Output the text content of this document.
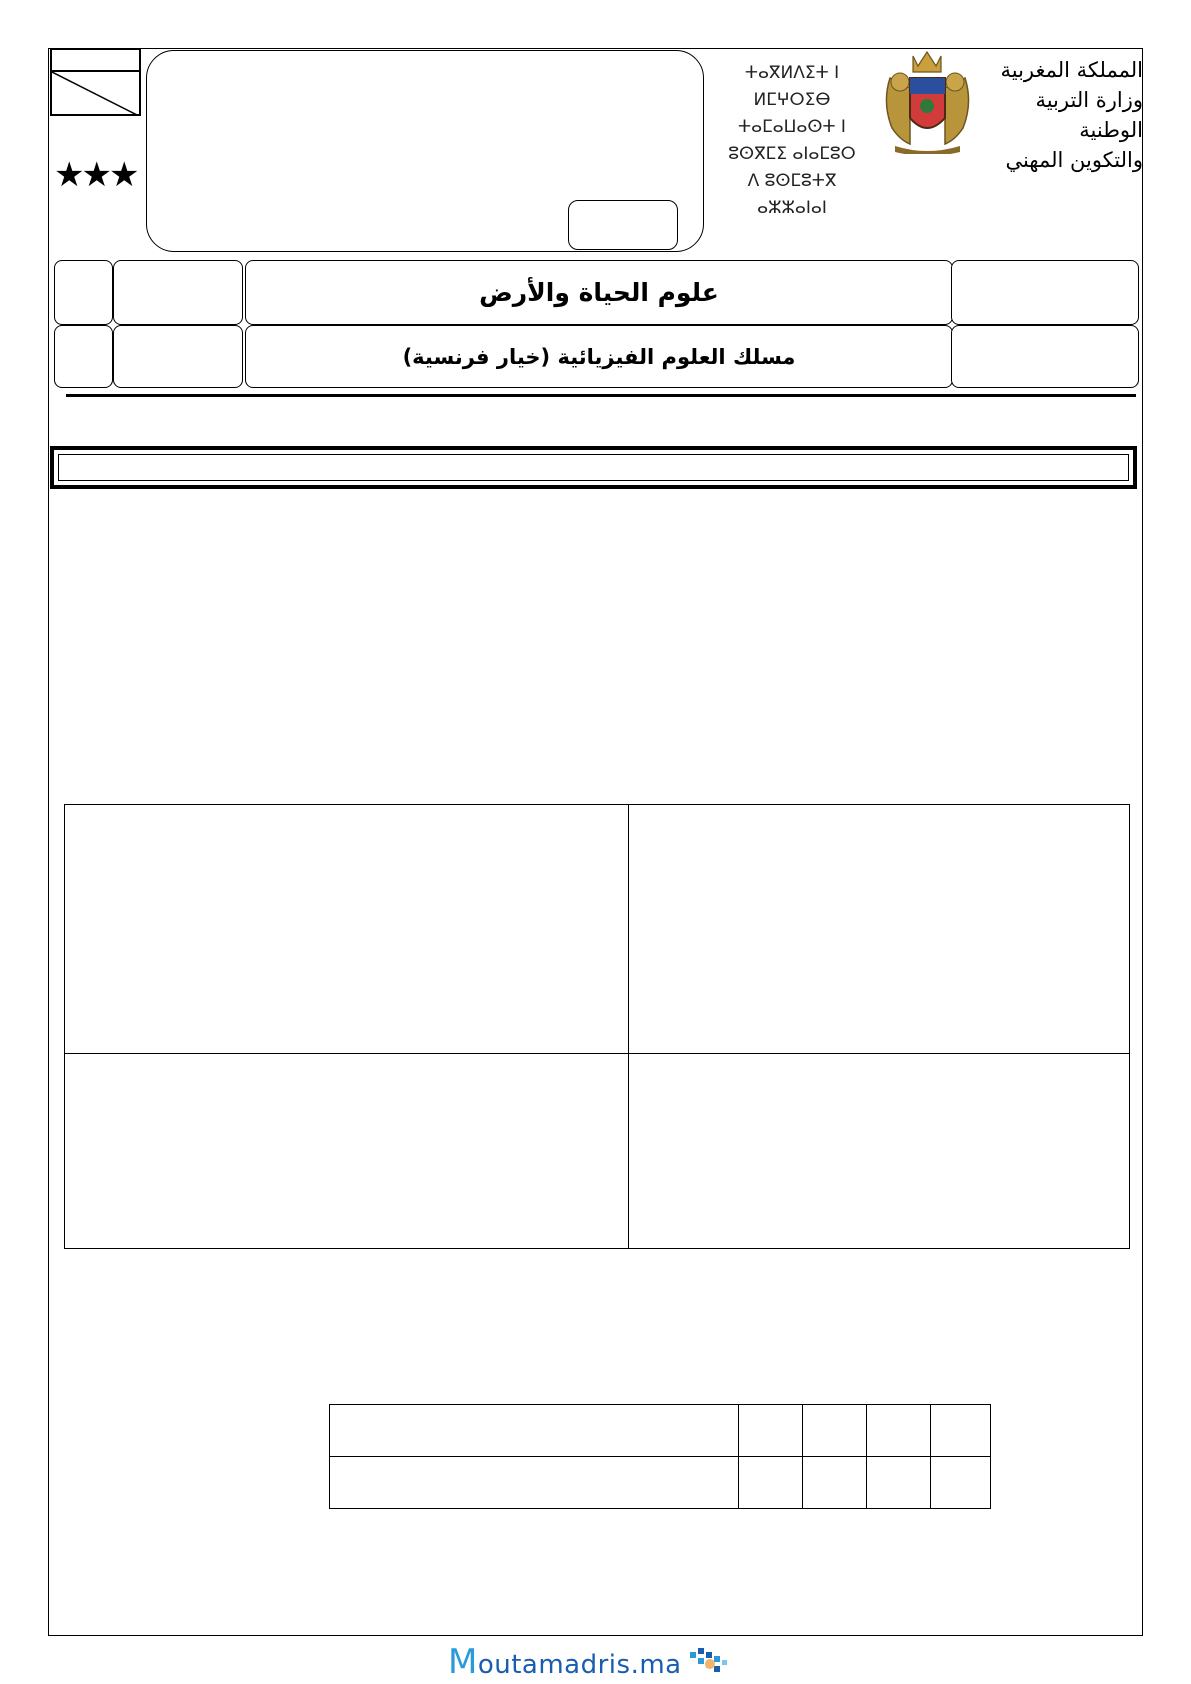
★★★
ⵜⴰⴳⵍⴷⵉⵜ ⵏ ⵍⵎⵖⵔⵉⴱ
ⵜⴰⵎⴰⵡⴰⵙⵜ ⵏ ⵓⵙⴳⵎⵉ ⴰⵏⴰⵎⵓⵔ
ⴷ ⵓⵙⵎⵓⵜⴳ ⴰⵣⵣⴰⵏⴰⵏ
المملكة المغربية
وزارة التربية الوطنية
والتكوين المهني
علوم الحياة والأرض
مسلك العلوم الفيزيائية (خيار فرنسية)

Moutamadris.ma
